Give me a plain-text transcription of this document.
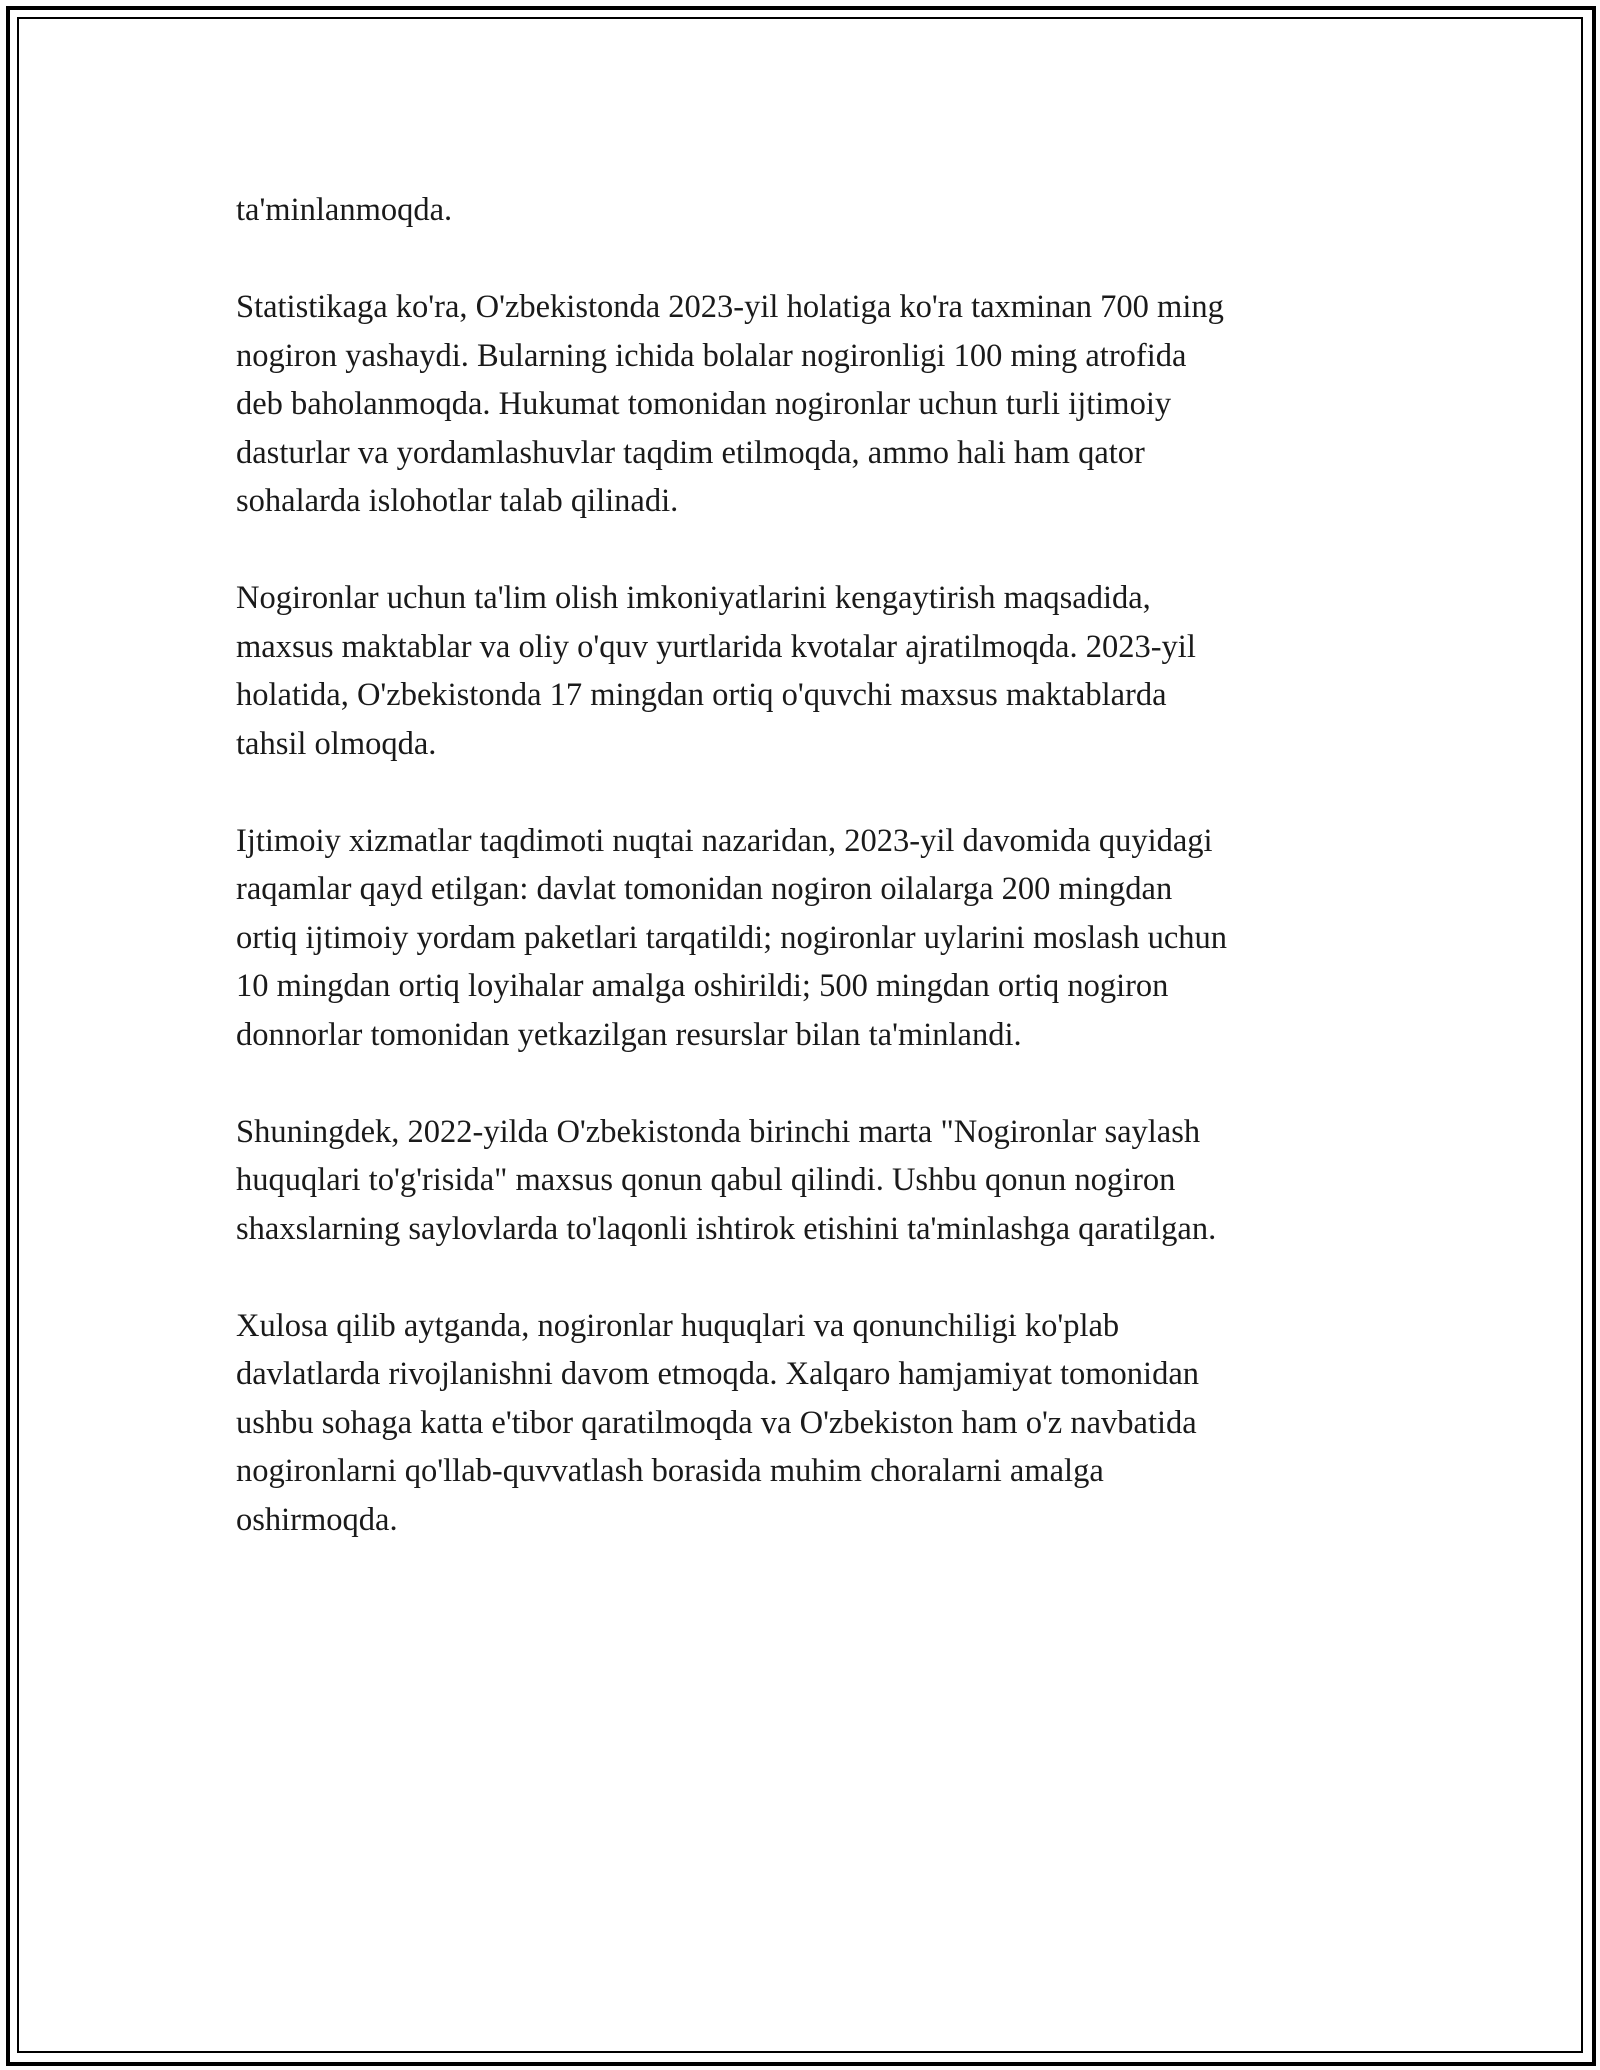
ta'minlanmoqda.

Statistikaga ko'ra, O'zbekistonda 2023-yil holatiga ko'ra taxminan 700 ming
nogiron yashaydi. Bularning ichida bolalar nogironligi 100 ming atrofida
deb baholanmoqda. Hukumat tomonidan nogironlar uchun turli ijtimoiy
dasturlar va yordamlashuvlar taqdim etilmoqda, ammo hali ham qator
sohalarda islohotlar talab qilinadi.

Nogironlar uchun ta'lim olish imkoniyatlarini kengaytirish maqsadida,
maxsus maktablar va oliy o'quv yurtlarida kvotalar ajratilmoqda. 2023-yil
holatida, O'zbekistonda 17 mingdan ortiq o'quvchi maxsus maktablarda
tahsil olmoqda.

Ijtimoiy xizmatlar taqdimoti nuqtai nazaridan, 2023-yil davomida quyidagi
raqamlar qayd etilgan: davlat tomonidan nogiron oilalarga 200 mingdan
ortiq ijtimoiy yordam paketlari tarqatildi; nogironlar uylarini moslash uchun
10 mingdan ortiq loyihalar amalga oshirildi; 500 mingdan ortiq nogiron
donnorlar tomonidan yetkazilgan resurslar bilan ta'minlandi.

Shuningdek, 2022-yilda O'zbekistonda birinchi marta "Nogironlar saylash
huquqlari to'g'risida" maxsus qonun qabul qilindi. Ushbu qonun nogiron
shaxslarning saylovlarda to'laqonli ishtirok etishini ta'minlashga qaratilgan.

Xulosa qilib aytganda, nogironlar huquqlari va qonunchiligi ko'plab
davlatlarda rivojlanishni davom etmoqda. Xalqaro hamjamiyat tomonidan
ushbu sohaga katta e'tibor qaratilmoqda va O'zbekiston ham o'z navbatida
nogironlarni qo'llab-quvvatlash borasida muhim choralarni amalga
oshirmoqda.
